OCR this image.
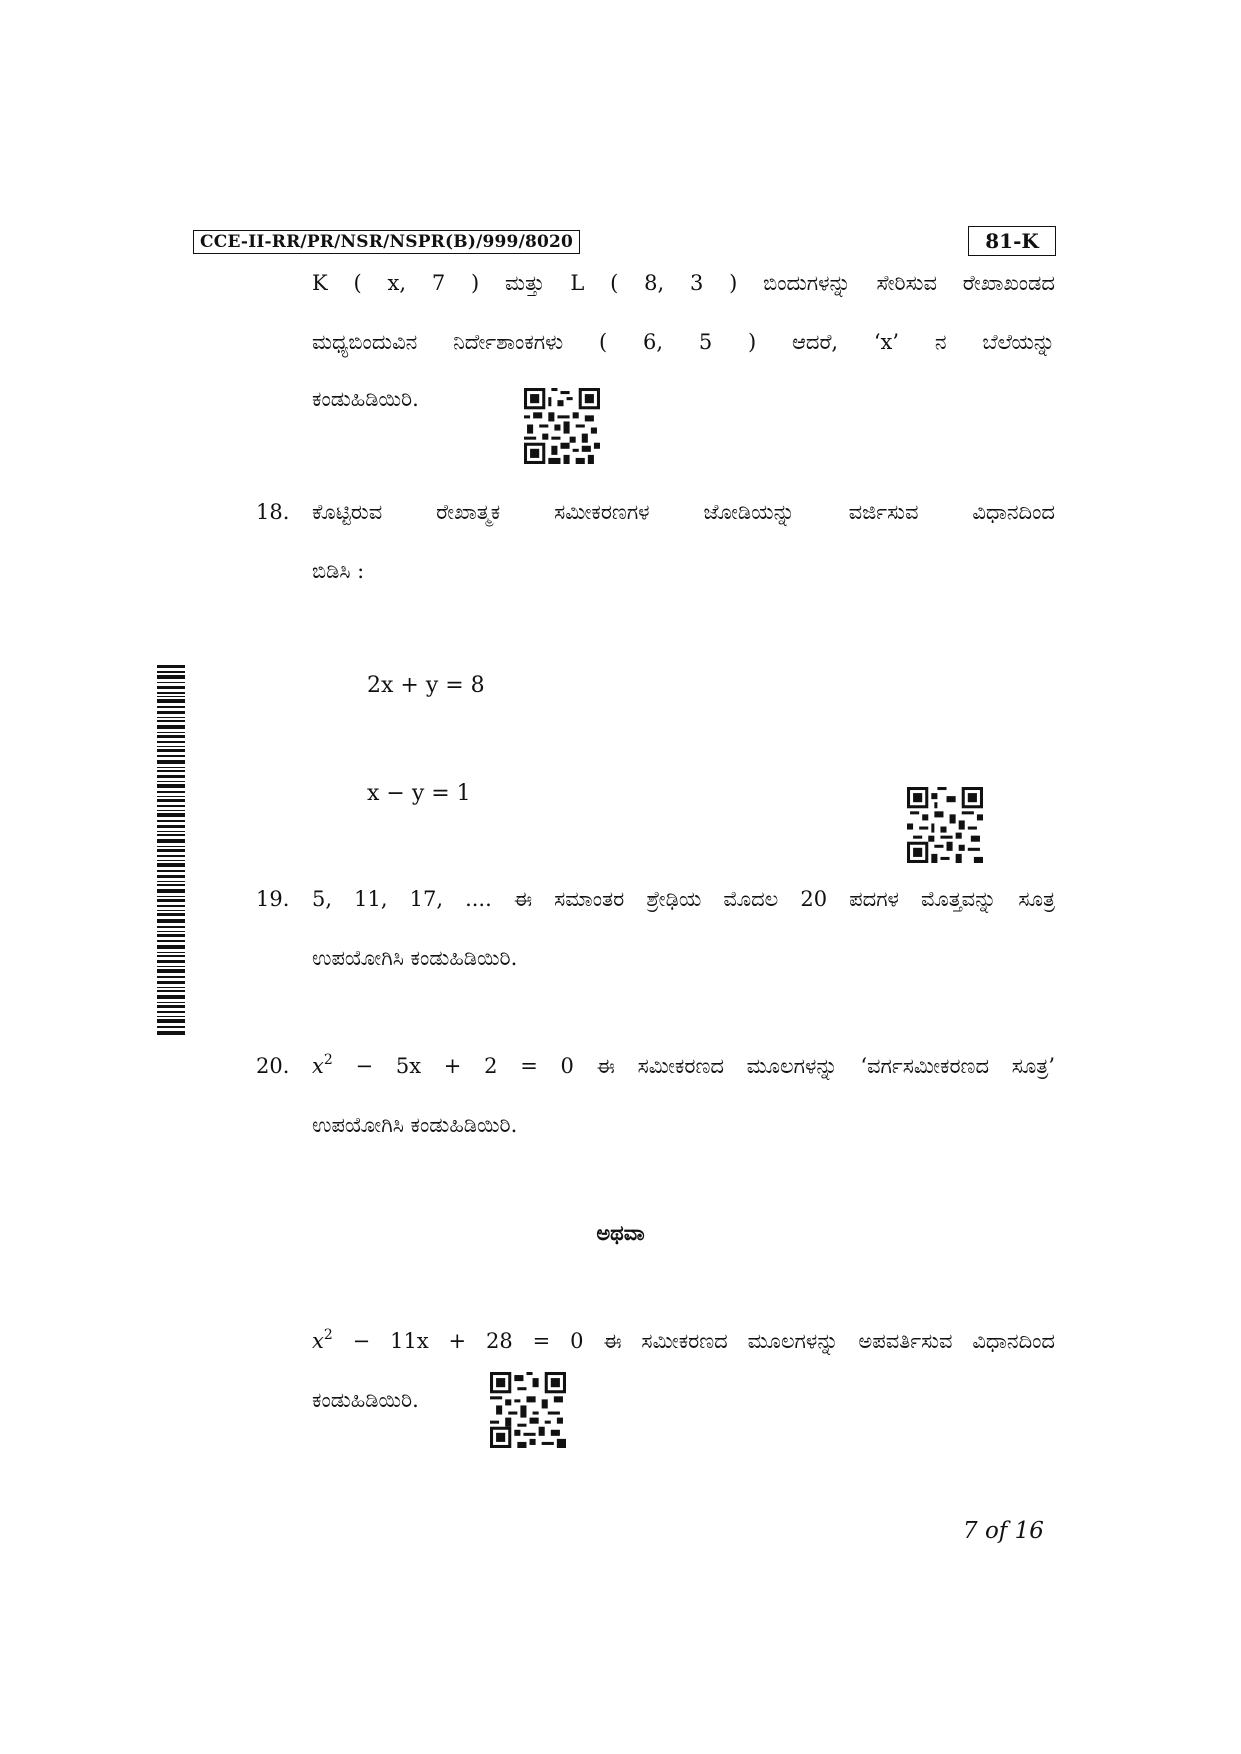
CCE-II-RR/PR/NSR/NSPR(B)/999/8020	81-K
K ( x, 7 ) ಮತ್ತು L ( 8, 3 ) ಬಿಂದುಗಳನ್ನು ಸೇರಿಸುವ ರೇಖಾಖಂಡದ
ಮಧ್ಯಬಿಂದುವಿನ ನಿರ್ದೇಶಾಂಕಗಳು ( 6, 5 ) ಆದರೆ, ‘x’ ನ ಬೆಲೆಯನ್ನು
ಕಂಡುಹಿಡಿಯಿರಿ.
18. ಕೊಟ್ಟಿರುವ ರೇಖಾತ್ಮಕ ಸಮೀಕರಣಗಳ ಜೋಡಿಯನ್ನು ವರ್ಜಿಸುವ ವಿಧಾನದಿಂದ
ಬಿಡಿಸಿ :
2x + y = 8
x − y = 1
19. 5, 11, 17, .... ಈ ಸಮಾಂತರ ಶ್ರೇಢಿಯ ಮೊದಲ 20 ಪದಗಳ ಮೊತ್ತವನ್ನು ಸೂತ್ರ
ಉಪಯೋಗಿಸಿ ಕಂಡುಹಿಡಿಯಿರಿ.
20. $x^2 - 5x + 2 = 0$ ಈ ಸಮೀಕರಣದ ಮೂಲಗಳನ್ನು ‘ವರ್ಗಸಮೀಕರಣದ ಸೂತ್ರ’
ಉಪಯೋಗಿಸಿ ಕಂಡುಹಿಡಿಯಿರಿ.
ಅಥವಾ
$x^2 - 11x + 28 = 0$ ಈ ಸಮೀಕರಣದ ಮೂಲಗಳನ್ನು ಅಪವರ್ತಿಸುವ ವಿಧಾನದಿಂದ
ಕಂಡುಹಿಡಿಯಿರಿ.
7 of 16
